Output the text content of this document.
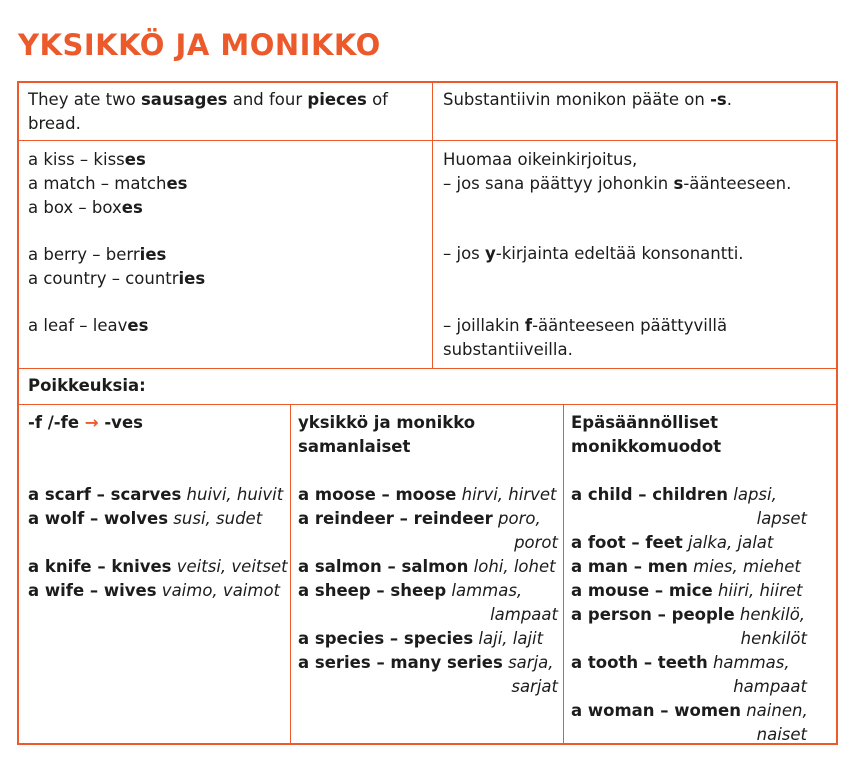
YKSIKKÖ JA MONIKKO
They ate two sausages and four pieces of
bread.
Substantiivin monikon pääte on -s.
a kiss – kisses
a match – matches
a box – boxes
a berry – berries
a country – countries
a leaf – leaves
Huomaa oikeinkirjoitus,
– jos sana päättyy johonkin s-äänteeseen.
– jos y-kirjainta edeltää konsonantti.
– joillakin f-äänteeseen päättyvillä
substantiiveilla.
Poikkeuksia:
-f /-fe → -ves
a scarf – scarves huivi, huivit
a wolf – wolves susi, sudet
a knife – knives veitsi, veitset
a wife – wives vaimo, vaimot
yksikkö ja monikko
samanlaiset
a moose – moose hirvi, hirvet
a reindeer – reindeer poro,
porot
a salmon – salmon lohi, lohet
a sheep – sheep lammas,
lampaat
a species – species laji, lajit
a series – many series sarja,
sarjat
Epäsäännölliset
monikkomuodot
a child – children lapsi,
lapset
a foot – feet jalka, jalat
a man – men mies, miehet
a mouse – mice hiiri, hiiret
a person – people henkilö,
henkilöt
a tooth – teeth hammas,
hampaat
a woman – women nainen,
naiset
